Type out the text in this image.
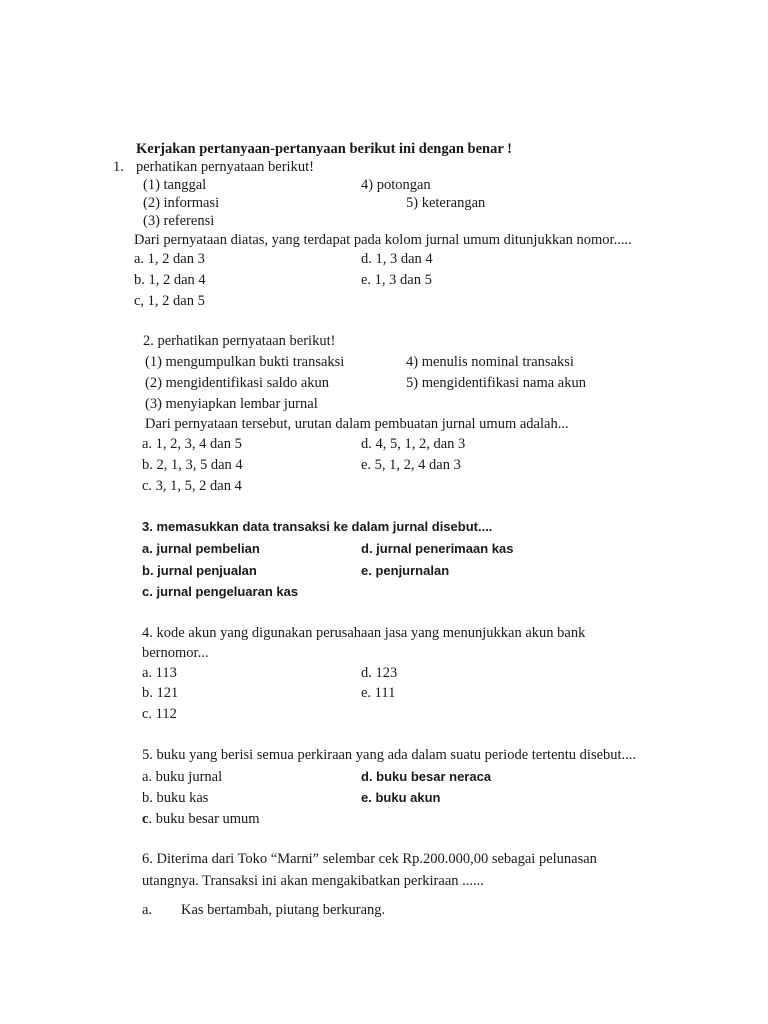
Kerjakan pertanyaan-pertanyaan berikut ini dengan benar !
1. perhatikan pernyataan berikut!
(1) tanggal
(2) informasi
(3) referensi
4) potongan
5) keterangan
Dari pernyataan diatas, yang terdapat pada kolom jurnal umum ditunjukkan nomor.....
a. 1, 2 dan 3
b. 1, 2 dan 4
c, 1, 2 dan 5
d. 1, 3 dan 4
e. 1, 3 dan 5
2. perhatikan pernyataan berikut!
(1) mengumpulkan bukti transaksi
(2) mengidentifikasi saldo akun
(3) menyiapkan lembar jurnal
4) menulis nominal transaksi
5) mengidentifikasi nama akun
Dari pernyataan tersebut, urutan dalam pembuatan jurnal umum adalah...
a. 1, 2, 3, 4 dan 5
b. 2, 1, 3, 5 dan 4
c. 3, 1, 5, 2 dan 4
d. 4, 5, 1, 2, dan 3
e. 5, 1, 2, 4 dan 3
3. memasukkan data transaksi ke dalam jurnal disebut....
a. jurnal pembelian
b. jurnal penjualan
c. jurnal pengeluaran kas
d. jurnal penerimaan kas
e. penjurnalan
4. kode akun yang digunakan perusahaan jasa yang menunjukkan akun bank
bernomor...
a. 113
b. 121
c. 112
d. 123
e. 111
5. buku yang berisi semua perkiraan yang ada dalam suatu periode tertentu disebut....
a. buku jurnal
b. buku kas
c. buku besar umum
d. buku besar neraca
e. buku akun
6. Diterima dari Toko “Marni” selembar cek Rp.200.000,00 sebagai pelunasan
utangnya. Transaksi ini akan mengakibatkan perkiraan ......
a. Kas bertambah, piutang berkurang.
